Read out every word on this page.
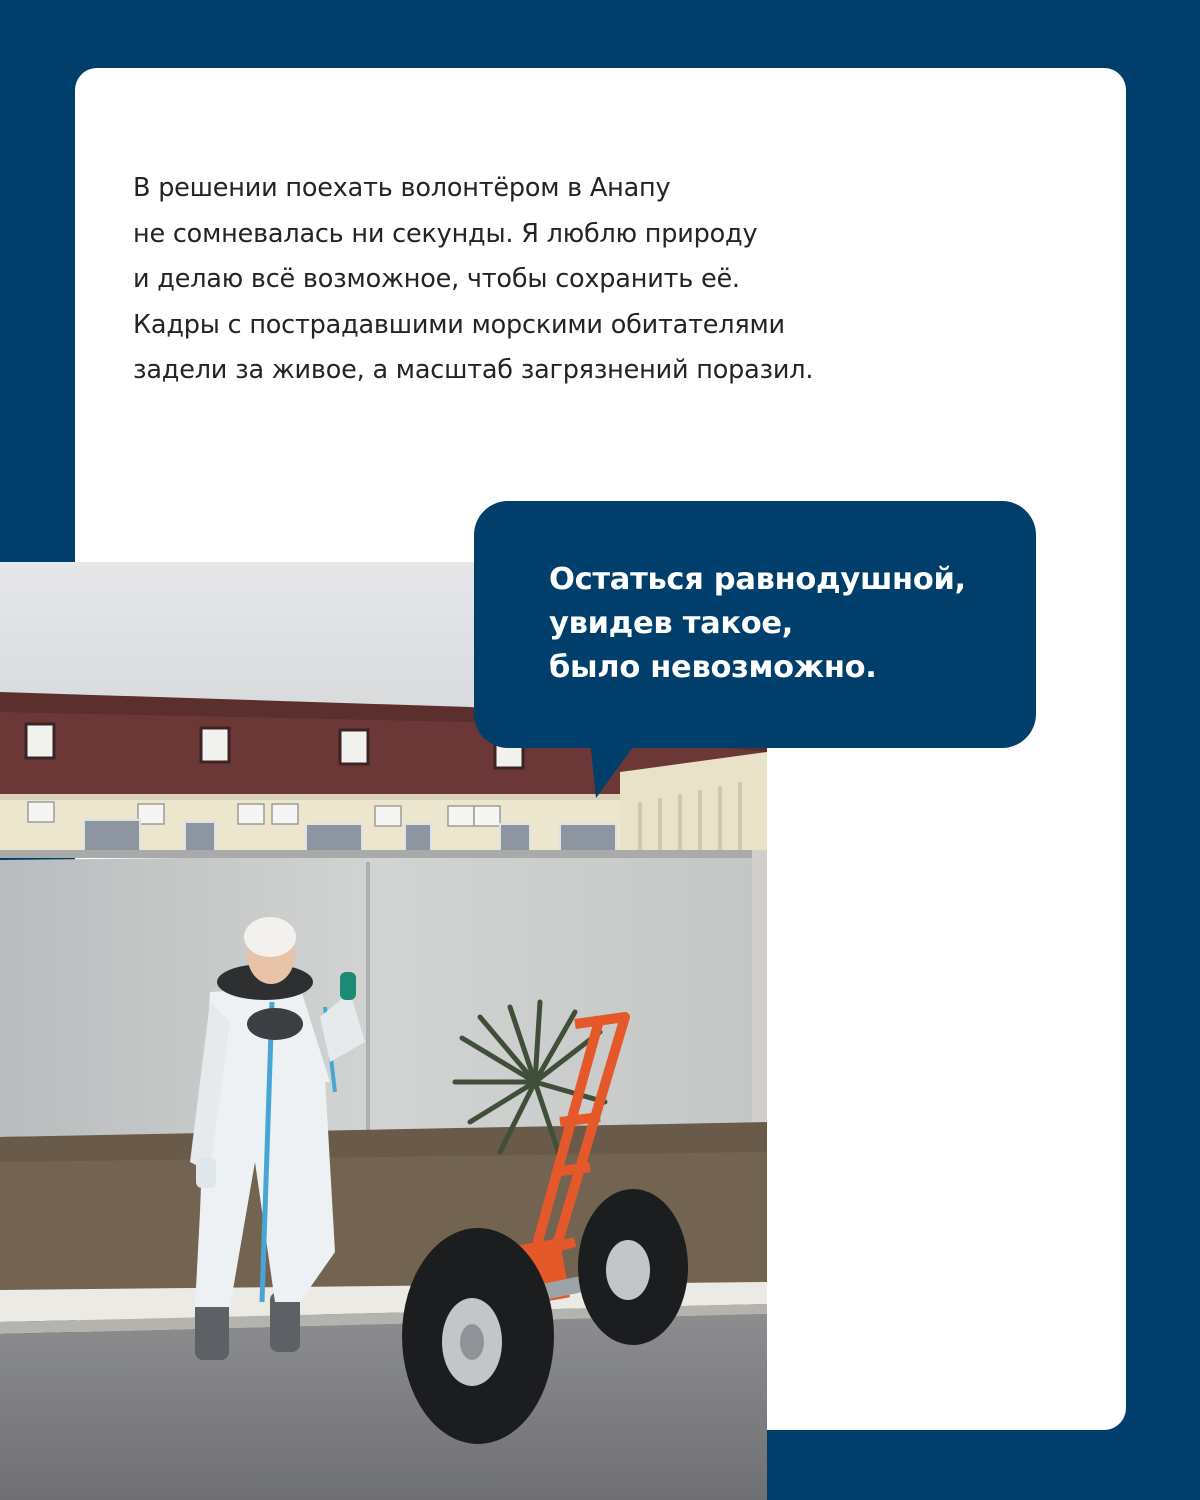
В решении поехать волонтёром в Анапу
не сомневалась ни секунды. Я люблю природу
и делаю всё возможное, чтобы сохранить её.
Кадры с пострадавшими морскими обитателями
задели за живое, а масштаб загрязнений поразил.

Остаться равнодушной,
увидев такое,
было невозможно.
